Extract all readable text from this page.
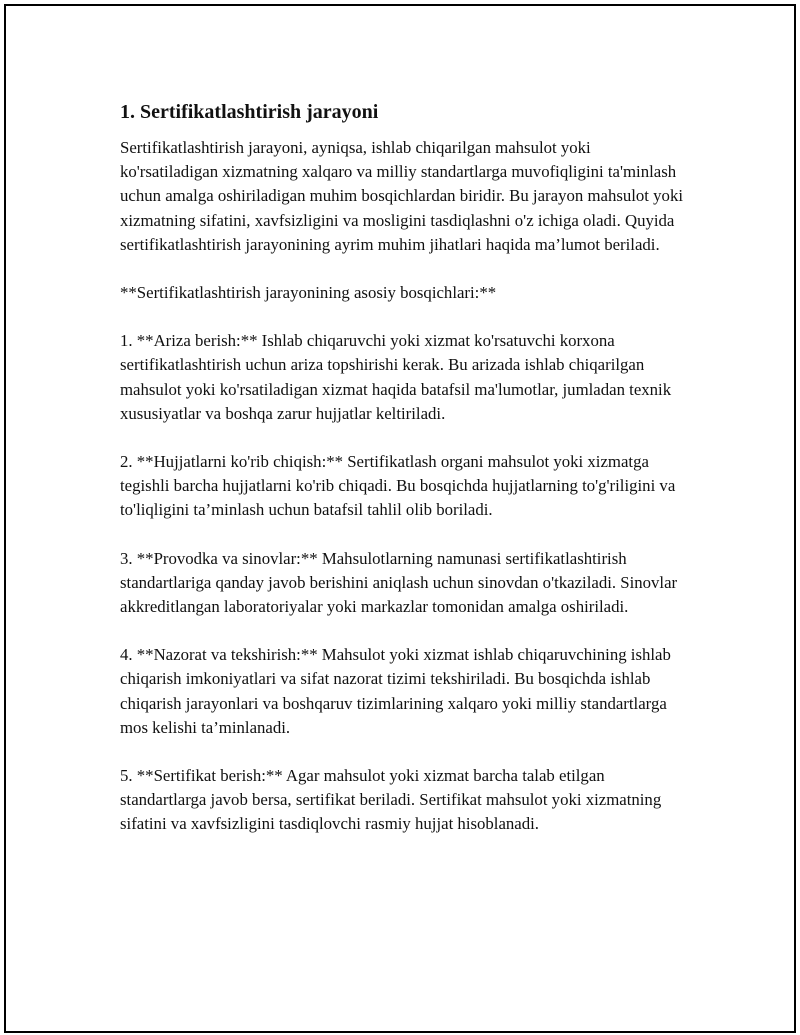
1. Sertifikatlashtirish jarayoni

Sertifikatlashtirish jarayoni, ayniqsa, ishlab chiqarilgan mahsulot yoki ko'rsatiladigan xizmatning xalqaro va milliy standartlarga muvofiqligini ta'minlash uchun amalga oshiriladigan muhim bosqichlardan biridir. Bu jarayon mahsulot yoki xizmatning sifatini, xavfsizligini va mosligini tasdiqlashni o'z ichiga oladi. Quyida sertifikatlashtirish jarayonining ayrim muhim jihatlari haqida ma’lumot beriladi.

**Sertifikatlashtirish jarayonining asosiy bosqichlari:**

1. **Ariza berish:** Ishlab chiqaruvchi yoki xizmat ko'rsatuvchi korxona sertifikatlashtirish uchun ariza topshirishi kerak. Bu arizada ishlab chiqarilgan mahsulot yoki ko'rsatiladigan xizmat haqida batafsil ma'lumotlar, jumladan texnik xususiyatlar va boshqa zarur hujjatlar keltiriladi.

2. **Hujjatlarni ko'rib chiqish:** Sertifikatlash organi mahsulot yoki xizmatga tegishli barcha hujjatlarni ko'rib chiqadi. Bu bosqichda hujjatlarning to'g'riligini va to'liqligini ta’minlash uchun batafsil tahlil olib boriladi.

3. **Provodka va sinovlar:** Mahsulotlarning namunasi sertifikatlashtirish standartlariga qanday javob berishini aniqlash uchun sinovdan o'tkaziladi. Sinovlar akkreditlangan laboratoriyalar yoki markazlar tomonidan amalga oshiriladi.

4. **Nazorat va tekshirish:** Mahsulot yoki xizmat ishlab chiqaruvchining ishlab chiqarish imkoniyatlari va sifat nazorat tizimi tekshiriladi. Bu bosqichda ishlab chiqarish jarayonlari va boshqaruv tizimlarining xalqaro yoki milliy standartlarga mos kelishi ta’minlanadi.

5. **Sertifikat berish:** Agar mahsulot yoki xizmat barcha talab etilgan standartlarga javob bersa, sertifikat beriladi. Sertifikat mahsulot yoki xizmatning sifatini va xavfsizligini tasdiqlovchi rasmiy hujjat hisoblanadi.
